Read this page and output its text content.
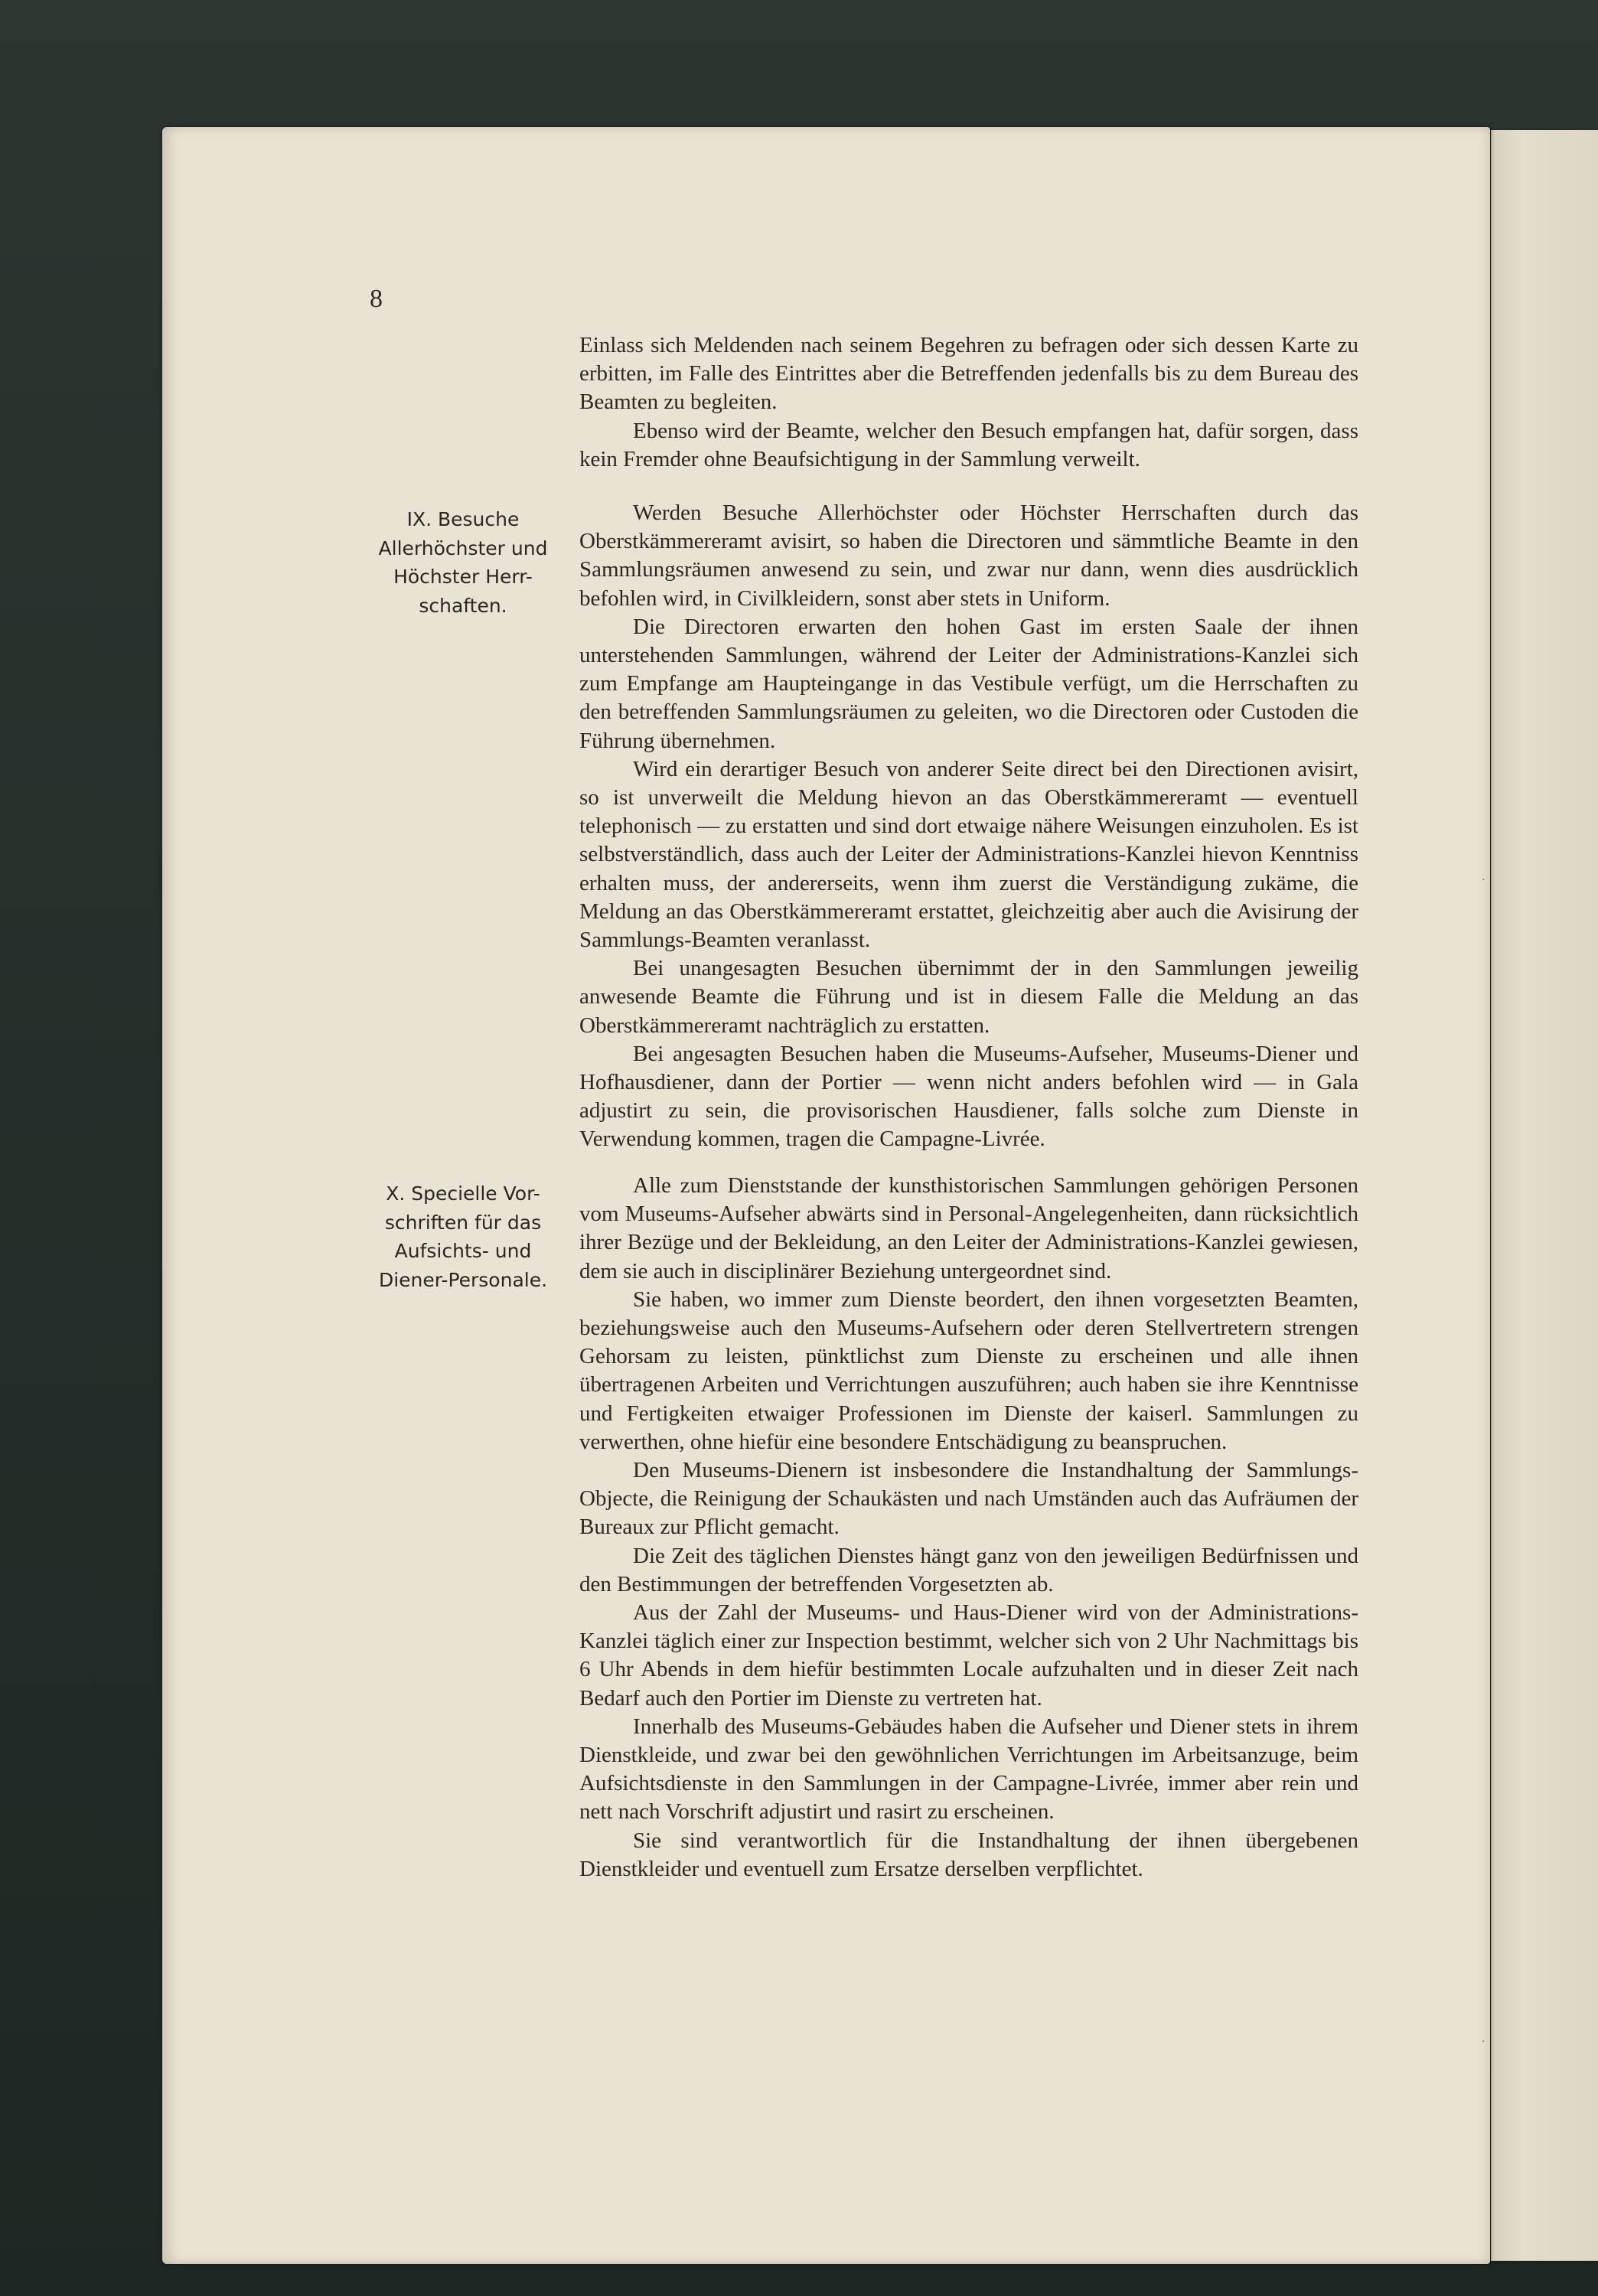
8
IX. Besuche
Allerhöchster und
Höchster Herr-
schaften.
X. Specielle Vor-
schriften für das
Aufsichts- und
Diener-Personale.

Einlass sich Meldenden nach seinem Begehren zu befragen oder sich dessen Karte zu erbitten, im Falle des Eintrittes aber die Betreffenden jedenfalls bis zu dem Bureau des Beamten zu begleiten.

Ebenso wird der Beamte, welcher den Besuch empfangen hat, dafür sorgen, dass kein Fremder ohne Beaufsichtigung in der Sammlung verweilt.

Werden Besuche Allerhöchster oder Höchster Herrschaften durch das Oberstkämmereramt avisirt, so haben die Directoren und sämmtliche Beamte in den Sammlungsräumen anwesend zu sein, und zwar nur dann, wenn dies ausdrücklich befohlen wird, in Civilkleidern, sonst aber stets in Uniform.

Die Directoren erwarten den hohen Gast im ersten Saale der ihnen unterstehenden Sammlungen, während der Leiter der Administrations-Kanzlei sich zum Empfange am Haupteingange in das Vestibule verfügt, um die Herrschaften zu den betreffenden Sammlungsräumen zu geleiten, wo die Directoren oder Custoden die Führung übernehmen.

Wird ein derartiger Besuch von anderer Seite direct bei den Directionen avisirt, so ist unverweilt die Meldung hievon an das Oberstkämmereramt — eventuell telephonisch — zu erstatten und sind dort etwaige nähere Weisungen einzuholen. Es ist selbstverständlich, dass auch der Leiter der Administrations-Kanzlei hievon Kenntniss erhalten muss, der andererseits, wenn ihm zuerst die Verständigung zukäme, die Meldung an das Oberstkämmereramt erstattet, gleichzeitig aber auch die Avisirung der Sammlungs-Beamten veranlasst.

Bei unangesagten Besuchen übernimmt der in den Sammlungen jeweilig anwesende Beamte die Führung und ist in diesem Falle die Meldung an das Oberstkämmereramt nachträglich zu erstatten.

Bei angesagten Besuchen haben die Museums-Aufseher, Museums-Diener und Hofhausdiener, dann der Portier — wenn nicht anders befohlen wird — in Gala adjustirt zu sein, die provisorischen Hausdiener, falls solche zum Dienste in Verwendung kommen, tragen die Campagne-Livrée.

Alle zum Dienststande der kunsthistorischen Sammlungen gehörigen Personen vom Museums-Aufseher abwärts sind in Personal-Angelegenheiten, dann rücksichtlich ihrer Bezüge und der Bekleidung, an den Leiter der Administrations-Kanzlei gewiesen, dem sie auch in disciplinärer Beziehung untergeordnet sind.

Sie haben, wo immer zum Dienste beordert, den ihnen vorgesetzten Beamten, beziehungsweise auch den Museums-Aufsehern oder deren Stellvertretern strengen Gehorsam zu leisten, pünktlichst zum Dienste zu erscheinen und alle ihnen übertragenen Arbeiten und Verrichtungen auszuführen; auch haben sie ihre Kenntnisse und Fertigkeiten etwaiger Professionen im Dienste der kaiserl. Sammlungen zu verwerthen, ohne hiefür eine besondere Entschädigung zu beanspruchen.

Den Museums-Dienern ist insbesondere die Instandhaltung der Sammlungs-Objecte, die Reinigung der Schaukästen und nach Umständen auch das Aufräumen der Bureaux zur Pflicht gemacht.

Die Zeit des täglichen Dienstes hängt ganz von den jeweiligen Bedürfnissen und den Bestimmungen der betreffenden Vorgesetzten ab.

Aus der Zahl der Museums- und Haus-Diener wird von der Administrations-Kanzlei täglich einer zur Inspection bestimmt, welcher sich von 2 Uhr Nachmittags bis 6 Uhr Abends in dem hiefür bestimmten Locale aufzuhalten und in dieser Zeit nach Bedarf auch den Portier im Dienste zu vertreten hat.

Innerhalb des Museums-Gebäudes haben die Aufseher und Diener stets in ihrem Dienstkleide, und zwar bei den gewöhnlichen Verrichtungen im Arbeitsanzuge, beim Aufsichtsdienste in den Sammlungen in der Campagne-Livrée, immer aber rein und nett nach Vorschrift adjustirt und rasirt zu erscheinen.

Sie sind verantwortlich für die Instandhaltung der ihnen übergebenen Dienstkleider und eventuell zum Ersatze derselben verpflichtet.

·
·
